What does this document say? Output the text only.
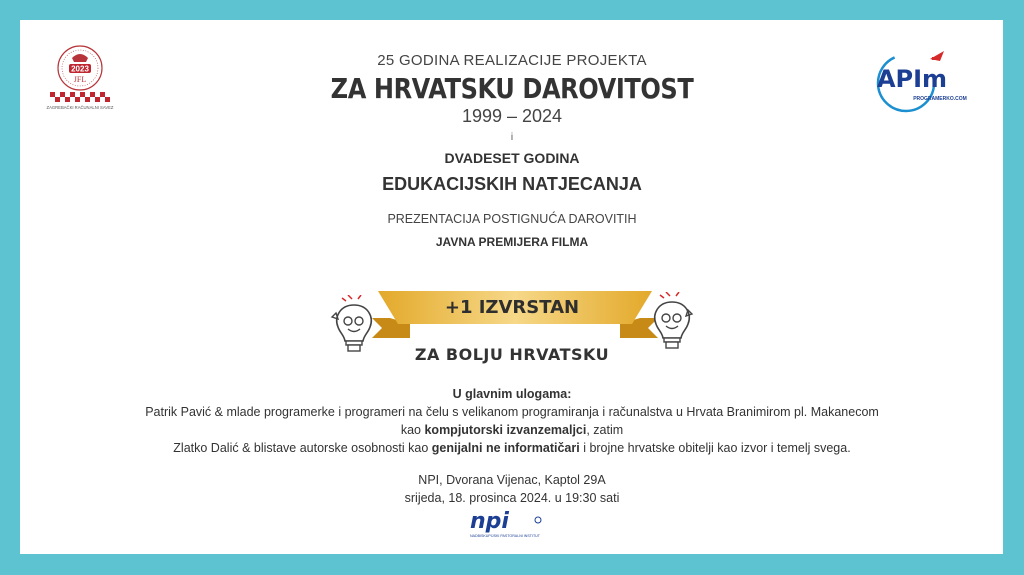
2023
JFL
ZAGREBAČKI RAČUNALNI SAVEZ
APIm
PROGRAMERKO.COM
25 GODINA REALIZACIJE PROJEKTA
ZA HRVATSKU DAROVITOST
1999 – 2024
i
DVADESET GODINA
EDUKACIJSKIH NATJECANJA
PREZENTACIJA POSTIGNUĆA DAROVITIH
JAVNA PREMIJERA FILMA
+1 IZVRSTAN
ZA BOLJU HRVATSKU
U glavnim ulogama:
Patrik Pavić & mlade programerke i programeri na čelu s velikanom programiranja i računalstva u Hrvata Branimirom pl. Makanecom
kao kompjutorski izvanzemaljci, zatim
Zlatko Dalić & blistave autorske osobnosti kao genijalni ne informatičari i brojne hrvatske obitelji kao izvor i temelj svega.
NPI, Dvorana Vijenac, Kaptol 29A
srijeda, 18. prosinca 2024. u 19:30 sati
npi
NADBISKUPIJSKI PASTORALNI INSTITUT
